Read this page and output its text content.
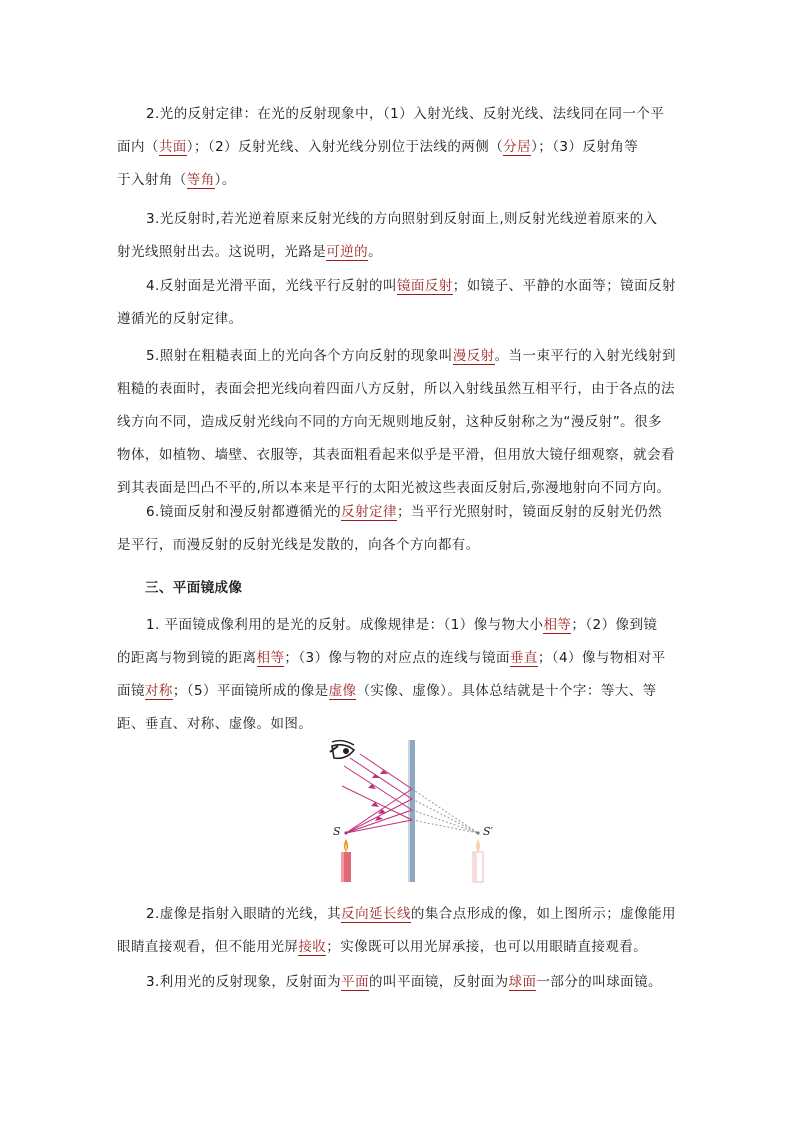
2.光的反射定律：在光的反射现象中，（1）入射光线、反射光线、法线同在同一个平
面内（共面）；（2）反射光线、入射光线分别位于法线的两侧（分居）；（3）反射角等
于入射角（等角）。
3.光反射时,若光逆着原来反射光线的方向照射到反射面上,则反射光线逆着原来的入
射光线照射出去。这说明，光路是可逆的。
4.反射面是光滑平面，光线平行反射的叫镜面反射；如镜子、平静的水面等；镜面反射
遵循光的反射定律。
5.照射在粗糙表面上的光向各个方向反射的现象叫漫反射。当一束平行的入射光线射到
粗糙的表面时，表面会把光线向着四面八方反射，所以入射线虽然互相平行，由于各点的法
线方向不同，造成反射光线向不同的方向无规则地反射，这种反射称之为“漫反射”。很多
物体，如植物、墙壁、衣服等，其表面粗看起来似乎是平滑，但用放大镜仔细观察，就会看
到其表面是凹凸不平的,所以本来是平行的太阳光被这些表面反射后,弥漫地射向不同方向。
6.镜面反射和漫反射都遵循光的反射定律；当平行光照射时，镜面反射的反射光仍然
是平行，而漫反射的反射光线是发散的，向各个方向都有。
三、平面镜成像
1. 平面镜成像利用的是光的反射。成像规律是：（1）像与物大小相等；（2）像到镜
的距离与物到镜的距离相等；（3）像与物的对应点的连线与镜面垂直；（4）像与物相对平
面镜对称；（5）平面镜所成的像是虚像（实像、虚像）。具体总结就是十个字：等大、等
距、垂直、对称、虚像。如图。
S	S′
2.虚像是指射入眼睛的光线，其反向延长线的集合点形成的像，如上图所示；虚像能用
眼睛直接观看，但不能用光屏接收；实像既可以用光屏承接，也可以用眼睛直接观看。
3.利用光的反射现象，反射面为平面的叫平面镜，反射面为球面一部分的叫球面镜。
